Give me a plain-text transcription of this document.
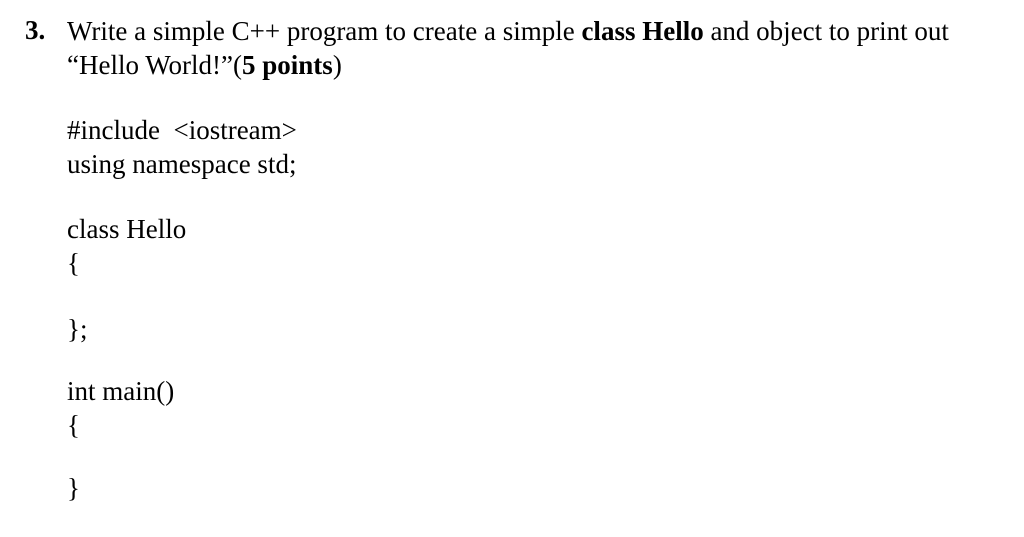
3. Write a simple C++ program to create a simple class Hello and object to print out
“Hello World!”(5 points)
#include  <iostream>
using namespace std;
class Hello
{
};
int main()
{
}
